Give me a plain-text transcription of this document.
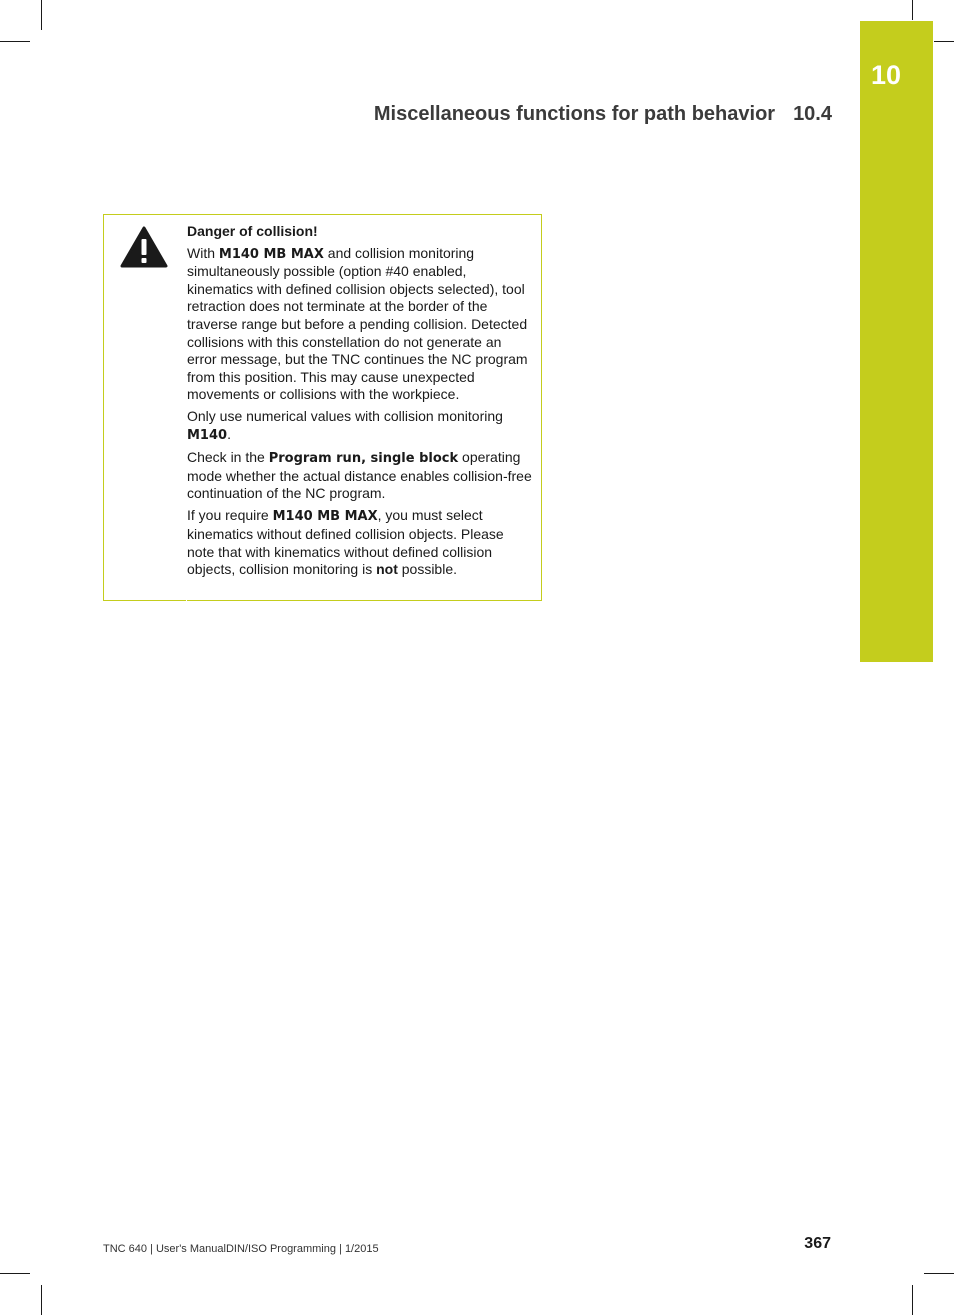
10
Miscellaneous functions for path behavior 10.4

Danger of collision!

With M140 MB MAX and collision monitoring simultaneously possible (option #40 enabled, kinematics with defined collision objects selected), tool retraction does not terminate at the border of the traverse range but before a pending collision. Detected collisions with this constellation do not generate an error message, but the TNC continues the NC program from this position. This may cause unexpected movements or collisions with the workpiece.

Only use numerical values with collision monitoring M140.

Check in the Program run, single block operating mode whether the actual distance enables collision-free continuation of the NC program.

If you require M140 MB MAX, you must select kinematics without defined collision objects. Please note that with kinematics without defined collision objects, collision monitoring is not possible.

TNC 640 | User's ManualDIN/ISO Programming | 1/2015	367
